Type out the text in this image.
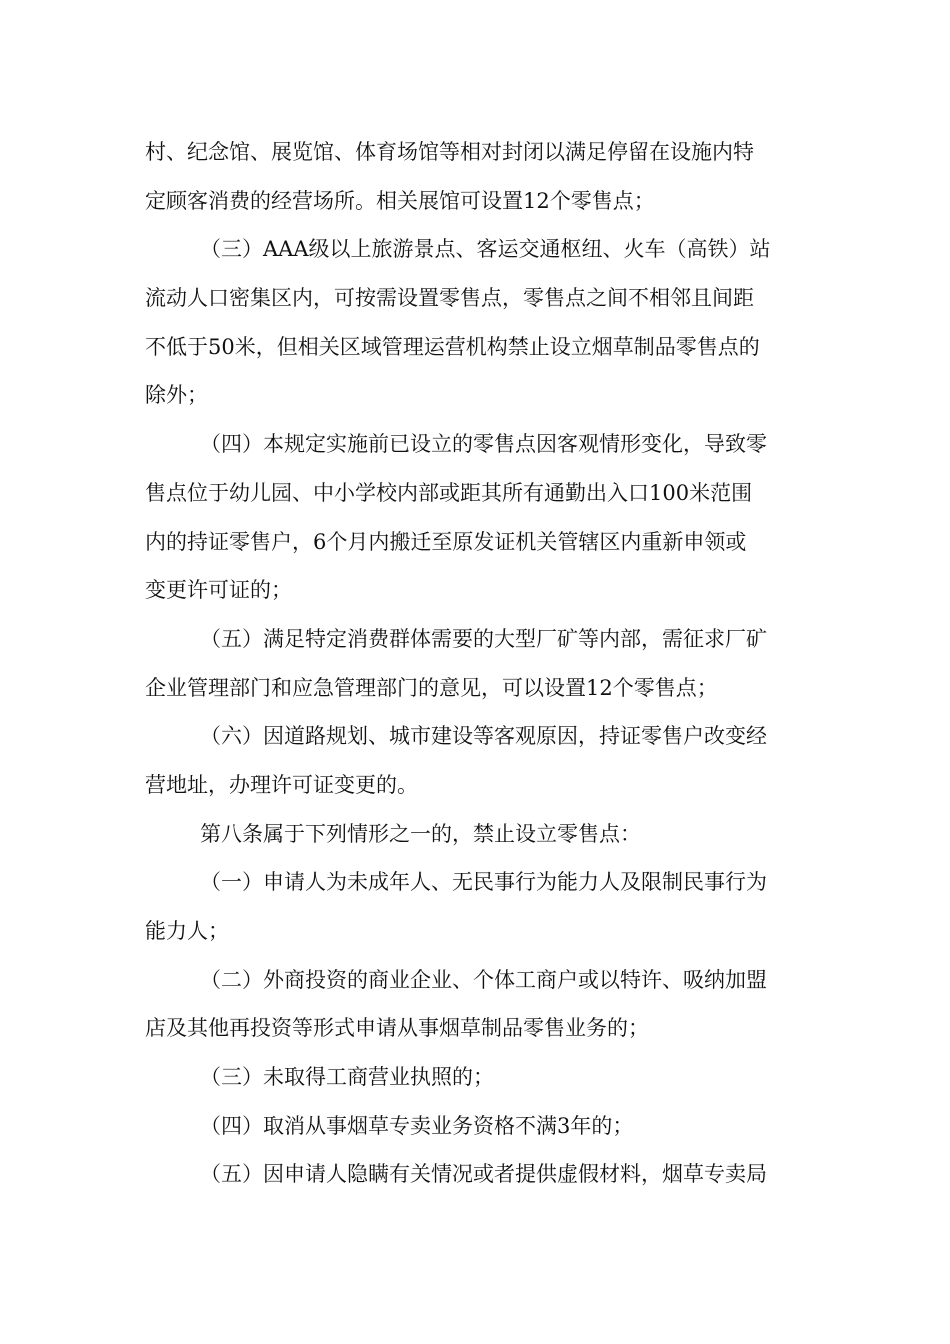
村、纪念馆、展览馆、体育场馆等相对封闭以满足停留在设施内特
定顾客消费的经营场所。相关展馆可设置12个零售点；
（三）AAA级以上旅游景点、客运交通枢纽、火车（高铁）站
流动人口密集区内，可按需设置零售点，零售点之间不相邻且间距
不低于50米，但相关区域管理运营机构禁止设立烟草制品零售点的
除外；
（四）本规定实施前已设立的零售点因客观情形变化，导致零
售点位于幼儿园、中小学校内部或距其所有通勤出入口100米范围
内的持证零售户，6个月内搬迁至原发证机关管辖区内重新申领或
变更许可证的；
（五）满足特定消费群体需要的大型厂矿等内部，需征求厂矿
企业管理部门和应急管理部门的意见，可以设置12个零售点；
（六）因道路规划、城市建设等客观原因，持证零售户改变经
营地址，办理许可证变更的。
第八条属于下列情形之一的，禁止设立零售点：
（一）申请人为未成年人、无民事行为能力人及限制民事行为
能力人；
（二）外商投资的商业企业、个体工商户或以特许、吸纳加盟
店及其他再投资等形式申请从事烟草制品零售业务的；
（三）未取得工商营业执照的；
（四）取消从事烟草专卖业务资格不满3年的；
（五）因申请人隐瞒有关情况或者提供虚假材料，烟草专卖局
